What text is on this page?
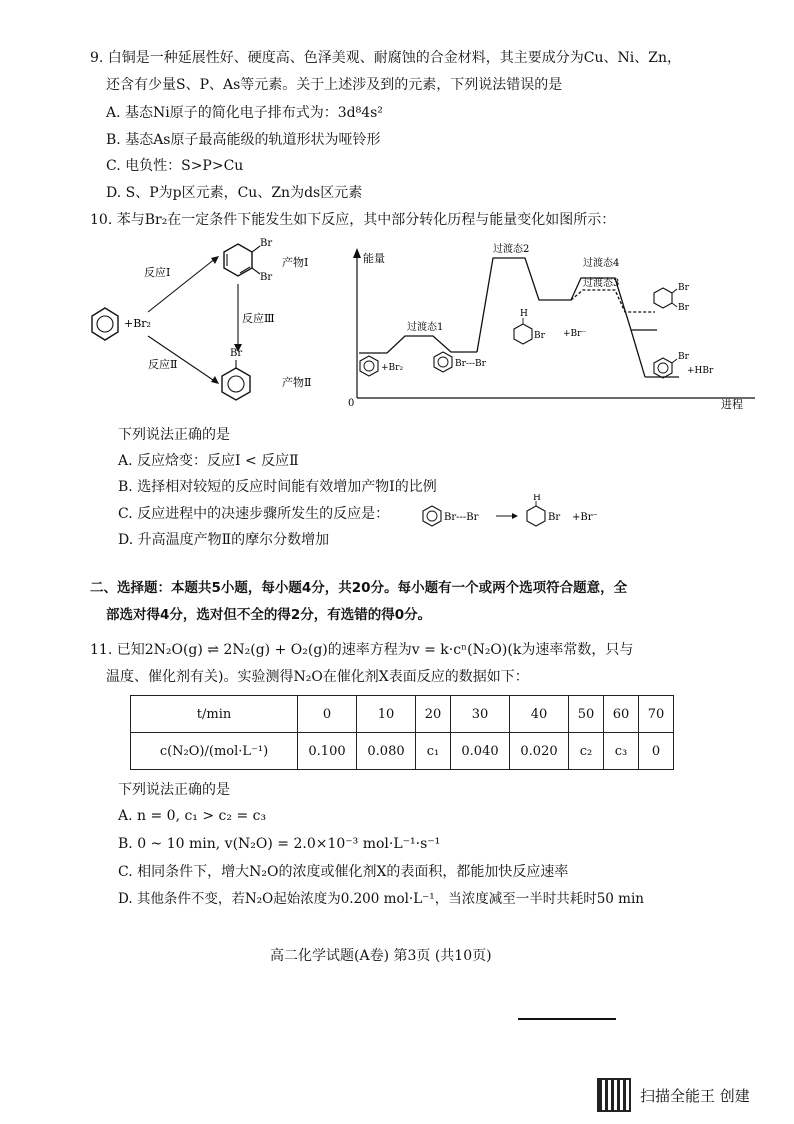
9. 白铜是一种延展性好、硬度高、色泽美观、耐腐蚀的合金材料，其主要成分为Cu、Ni、Zn，
还含有少量S、P、As等元素。关于上述涉及到的元素，下列说法错误的是
A. 基态Ni原子的简化电子排布式为：3d⁸4s²
B. 基态As原子最高能级的轨道形状为哑铃形
C. 电负性：S>P>Cu
D. S、P为p区元素，Cu、Zn为ds区元素
10. 苯与Br₂在一定条件下能发生如下反应，其中部分转化历程与能量变化如图所示：
+Br₂
反应Ⅰ
反应Ⅱ
反应Ⅲ
Br
Br
产物Ⅰ
Br
产物Ⅱ
能量
进程
0
过渡态1
过渡态2
过渡态3
过渡态4
+Br₂	Br---Br
H
Br +Br⁻
Br
Br
Br
+HBr
下列说法正确的是
A. 反应焓变：反应Ⅰ < 反应Ⅱ
B. 选择相对较短的反应时间能有效增加产物Ⅰ的比例
C. 反应进程中的决速步骤所发生的反应是：	Br---Br
H
Br +Br⁻
D. 升高温度产物Ⅱ的摩尔分数增加
二、选择题：本题共5小题，每小题4分，共20分。每小题有一个或两个选项符合题意，全
部选对得4分，选对但不全的得2分，有选错的得0分。
11. 已知2N₂O(g) ⇌ 2N₂(g) + O₂(g)的速率方程为v = k·cⁿ(N₂O)(k为速率常数，只与
温度、催化剂有关)。实验测得N₂O在催化剂X表面反应的数据如下：
t/min	0	10	20	30	40	50	60	70
c(N₂O)/(mol·L⁻¹)	0.100	0.080	c₁	0.040	0.020	c₂	c₃	0
下列说法正确的是
A. n = 0, c₁ > c₂ = c₃
B. 0 ~ 10 min, v(N₂O) = 2.0×10⁻³ mol·L⁻¹·s⁻¹
C. 相同条件下，增大N₂O的浓度或催化剂X的表面积，都能加快反应速率
D. 其他条件不变，若N₂O起始浓度为0.200 mol·L⁻¹，当浓度减至一半时共耗时50 min
高二化学试题(A卷) 第3页 (共10页)
扫描全能王 创建
